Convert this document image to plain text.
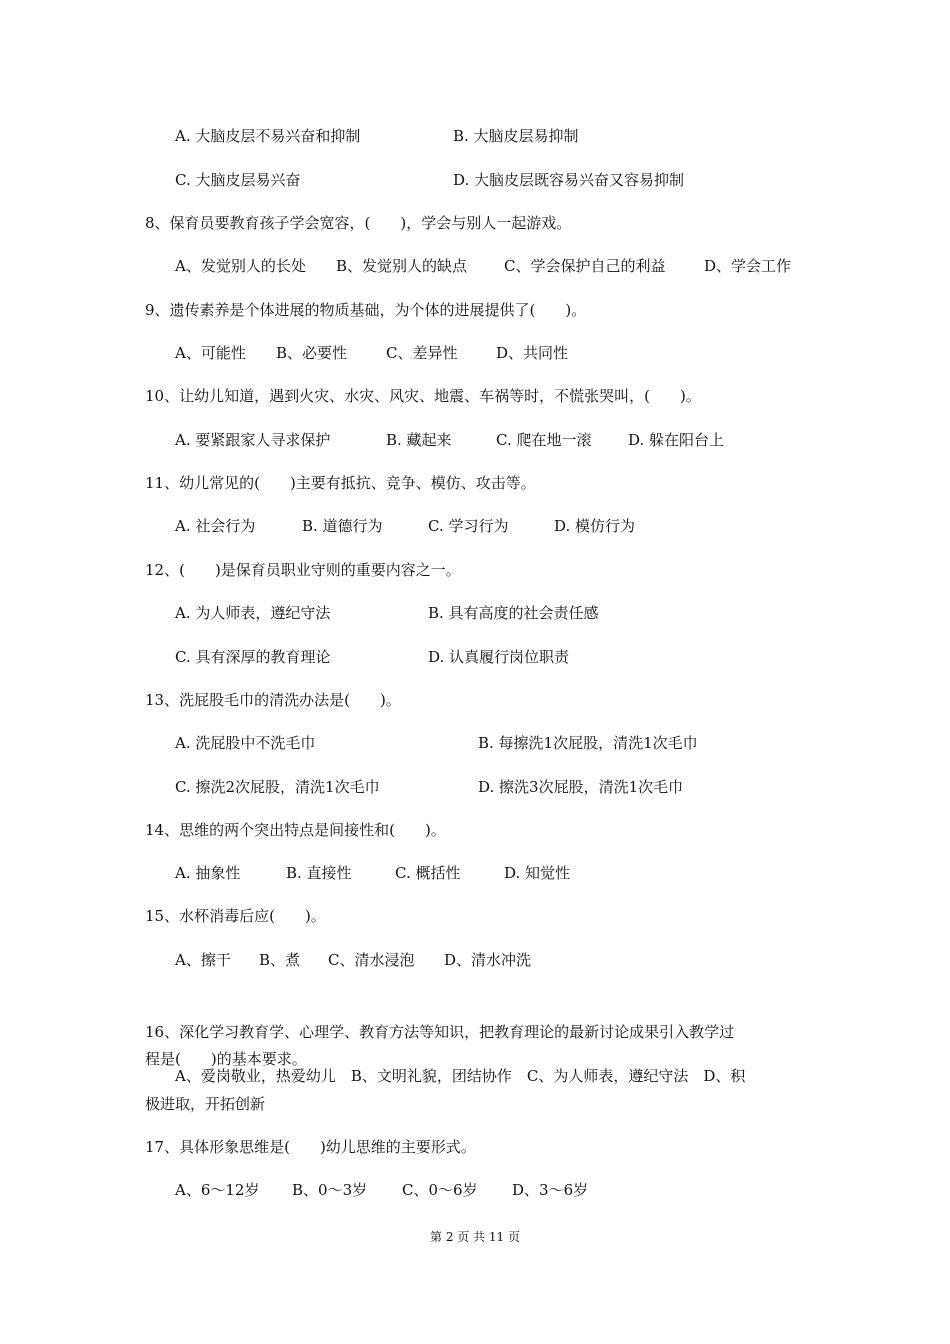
A. 大脑皮层不易兴奋和抑制	B. 大脑皮层易抑制
C. 大脑皮层易兴奋	D. 大脑皮层既容易兴奋又容易抑制
8、保育员要教育孩子学会宽容，(　　)，学会与别人一起游戏。
A、发觉别人的长处 B、发觉别人的缺点 C、学会保护自己的利益	D、学会工作
9、遗传素养是个体进展的物质基础，为个体的进展提供了(　　)。
A、可能性 B、必要性	C、差异性	D、共同性
10、让幼儿知道，遇到火灾、水灾、风灾、地震、车祸等时，不慌张哭叫，(　　)。
A. 要紧跟家人寻求保护	B. 藏起来	C. 爬在地一滚 D. 躲在阳台上
11、幼儿常见的(　　)主要有抵抗、竞争、模仿、攻击等。
A. 社会行为	B. 道德行为	C. 学习行为	D. 模仿行为
12、(　　)是保育员职业守则的重要内容之一。
A. 为人师表，遵纪守法	B. 具有高度的社会责任感
C. 具有深厚的教育理论	D. 认真履行岗位职责
13、洗屁股毛巾的清洗办法是(　　)。
A. 洗屁股中不洗毛巾	B. 每擦洗1次屁股，清洗1次毛巾
C. 擦洗2次屁股，清洗1次毛巾	D. 擦洗3次屁股，清洗1次毛巾
14、思维的两个突出特点是间接性和(　　)。
A. 抽象性	B. 直接性	C. 概括性	D. 知觉性
15、水杯消毒后应(　　)。
A、擦干 B、煮 C、清水浸泡 D、清水冲洗
16、深化学习教育学、心理学、教育方法等知识，把教育理论的最新讨论成果引入教学过
程是(　　)的基本要求。
A、爱岗敬业，热爱幼儿　B、文明礼貌，团结协作　C、为人师表，遵纪守法　D、积
极进取，开拓创新
17、具体形象思维是(　　)幼儿思维的主要形式。
A、6～12岁 B、0～3岁 C、0～6岁 D、3～6岁
第 2 页 共 11 页
